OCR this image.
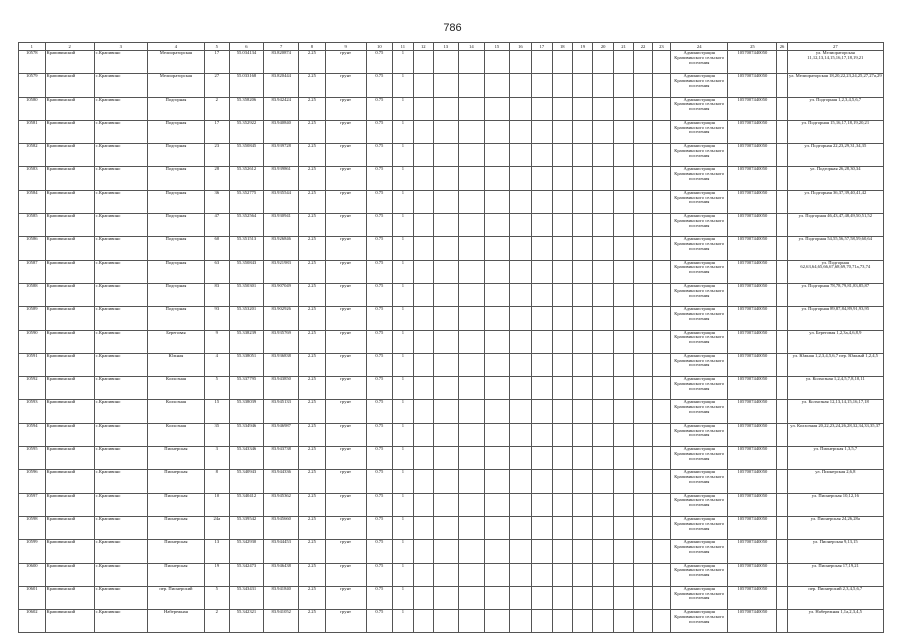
786
1	2	3	4	5	6	7	8	9	10	11	12	13	14	15	16	17	18	19	20	21	22	23	24	25	26	27
10578	Крапивинский	с.Крапивино	Мелиораторская	17	55.034134	83.820874	2.25	грунт	0.75	1													Администрация Крапивинского сельского поселения	1057007440050		ул. Мелиораторская 11,12,13,14,15,16,17,18,19,21
10579	Крапивинский	с.Крапивино	Мелиораторская	27	55.033168	83.820444	2.25	грунт	0.75	1													Администрация Крапивинского сельского поселения	1057007440050		ул. Мелиораторская 18,20,22,23,24,25,27,27а,29
10580	Крапивинский	с.Крапивино	Подгорная	2	55.358206	83.942424	2.25	грунт	0.75	1													Администрация Крапивинского сельского поселения	1057007440050		ул. Подгорная 1,2,3,4,5,6,7
10581	Крапивинский	с.Крапивино	Подгорная	17	55.352922	83.940840	2.25	грунт	0.75	1													Администрация Крапивинского сельского поселения	1057007440050		ул. Подгорная 15,16,17,18,19,20,21
10582	Крапивинский	с.Крапивино	Подгорная	23	55.350845	83.939728	2.25	грунт	0.75	1													Администрация Крапивинского сельского поселения	1057007440050		ул. Подгорная 22,23,29,31,34,35
10583	Крапивинский	с.Крапивино	Подгорная	28	55.352612	83.939861	2.25	грунт	0.75	1													Администрация Крапивинского сельского поселения	1057007440050		ул. Подгорная 26,28,30,34
10584	Крапивинский	с.Крапивино	Подгорная	36	55.352775	83.935544	2.25	грунт	0.75	1													Администрация Крапивинского сельского поселения	1057007440050		ул. Подгорная 36,37,39,40,41,42
10585	Крапивинский	с.Крапивино	Подгорная	47	55.352564	83.930941	2.25	грунт	0.75	1													Администрация Крапивинского сельского поселения	1057007440050		ул. Подгорная 46,43,47,48,49,50,51,52
10586	Крапивинский	с.Крапивино	Подгорная	60	55.351513	83.926846	2.25	грунт	0.75	1													Администрация Крапивинского сельского поселения	1057007440050		ул. Подгорная 54,55,56,57,58,59,60,64
10587	Крапивинский	с.Крапивино	Подгорная	63	55.350843	83.921983	2.25	грунт	0.75	1													Администрация Крапивинского сельского поселения	1057007440050		ул. Подгорная 62,63,64,65,66,67,68,69,70,71а,73,74
10588	Крапивинский	с.Крапивино	Подгорная	83	55.350301	83.907049	2.25	грунт	0.75	1													Администрация Крапивинского сельского поселения	1057007440050		ул. Подгорная 78,78,79,81,83,85,87
10589	Крапивинский	с.Крапивино	Подгорная	93	55.353201	83.902926	2.25	грунт	0.75	1													Администрация Крапивинского сельского поселения	1057007440050		ул. Подгорная 89,87,84,89,91,93,95
10590	Крапивинский	с.Крапивино	Береговая	9	55.338239	83.935769	2.25	грунт	0.75	1													Администрация Крапивинского сельского поселения	1057007440050		ул. Береговая 1,2,3а,4,6,8,9
10591	Крапивинский	с.Крапивино	Южная	4	55.338051	83.936838	2.25	грунт	0.75	1													Администрация Крапивинского сельского поселения	1057007440050		ул. Южная 1,2,3,4,5,6,7 пер. Южный 1,2,4,5
10592	Крапивинский	с.Крапивино	Колхозная	5	55.337795	83.943850	2.25	грунт	0.75	1													Администрация Крапивинского сельского поселения	1057007440050		ул. Колхозная 1,2,4,5,7,8,10,11
10593	Крапивинский	с.Крапивино	Колхозная	15	55.338039	83.945133	2.25	грунт	0.75	1													Администрация Крапивинского сельского поселения	1057007440050		ул. Колхозная 12,13,14,15,16,17,18
10594	Крапивинский	с.Крапивино	Колхозная	35	55.334946	83.946987	2.25	грунт	0.75	1													Администрация Крапивинского сельского поселения	1057007440050		ул. Колхозная 20,22,23,24,26,28,32,34,33,35,37
10595	Крапивинский	с.Крапивино	Пионерская	3	55.343346	83.943738	2.25	грунт	0.75	1													Администрация Крапивинского сельского поселения	1057007440050		ул. Пионерская 1,3,5,7
10596	Крапивинский	с.Крапивино	Пионерская	8	55.340943	83.944336	2.25	грунт	0.75	1													Администрация Крапивинского сельского поселения	1057007440050		ул. Пионерская 2,6,8
10597	Крапивинский	с.Крапивино	Пионерская	10	55.340412	83.945362	2.25	грунт	0.75	1													Администрация Крапивинского сельского поселения	1057007440050		ул. Пионерская 10,12,16
10598	Крапивинский	с.Крапивино	Пионерская	24а	55.339542	83.945660	2.25	грунт	0.75	1													Администрация Крапивинского сельского поселения	1057007440050		ул. Пионерская 24,26,28а
10599	Крапивинский	с.Крапивино	Пионерская	13	55.342930	83.944453	2.25	грунт	0.75	1													Администрация Крапивинского сельского поселения	1057007440050		ул. Пионерская 9,13,15
10600	Крапивинский	с.Крапивино	Пионерская	19	55.342473	83.946438	2.25	грунт	0.75	1													Администрация Крапивинского сельского поселения	1057007440050		ул. Пионерская 17,19,21
10601	Крапивинский	с.Крапивино	пер. Пионерский	5	55.343431	83.941840	2.25	грунт	0.75	1													Администрация Крапивинского сельского поселения	1057007440050		пер. Пионерский 2,3,4,5,6,7
10602	Крапивинский	с.Крапивино	Набережная	2	55.342321	83.941052	2.25	грунт	0.75	1													Администрация Крапивинского сельского поселения	1057007440050		ул. Набережная 1,1а,2,3,4,5
